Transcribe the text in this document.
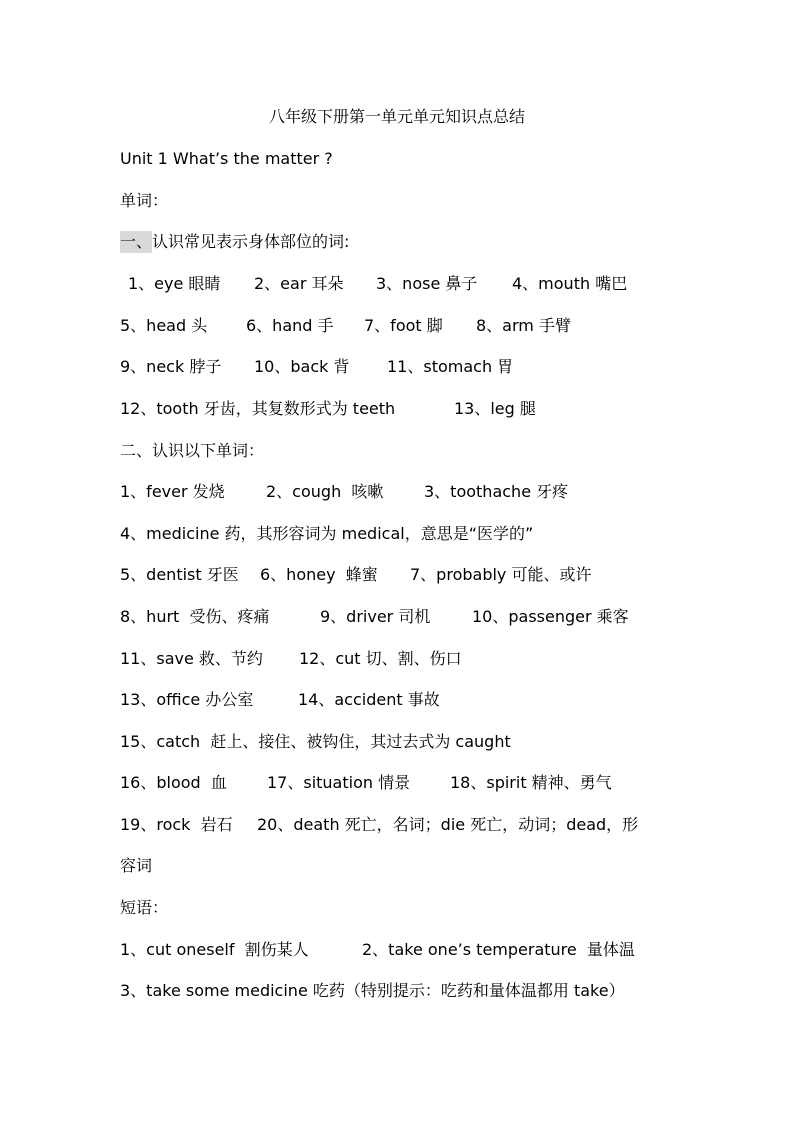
八年级下册第一单元单元知识点总结
Unit 1 What’s the matter ?
单词：
一、认识常见表示身体部位的词:
1、eye 眼睛 2、ear 耳朵 3、nose 鼻子 4、mouth 嘴巴
5、head 头 6、hand 手 7、foot 脚 8、arm 手臂
9、neck 脖子 10、back 背 11、stomach 胃
12、tooth 牙齿，其复数形式为 teeth	13、leg 腿
二、认识以下单词：
1、fever 发烧	2、cough  咳嗽	3、toothache 牙疼
4、medicine 药，其形容词为 medical，意思是“医学的”
5、dentist 牙医 6、honey  蜂蜜 7、probably 可能、或许
8、hurt  受伤、疼痛	9、driver 司机	10、passenger 乘客
11、save 救、节约 12、cut 切、割、伤口
13、office 办公室	14、accident 事故
15、catch  赶上、接住、被钩住，其过去式为 caught
16、blood  血	17、situation 情景 18、spirit 精神、勇气
19、rock  岩石 20、death 死亡，名词；die 死亡，动词；dead，形
容词
短语：
1、cut oneself  割伤某人	2、take one’s temperature  量体温
3、take some medicine 吃药（特别提示：吃药和量体温都用 take）
